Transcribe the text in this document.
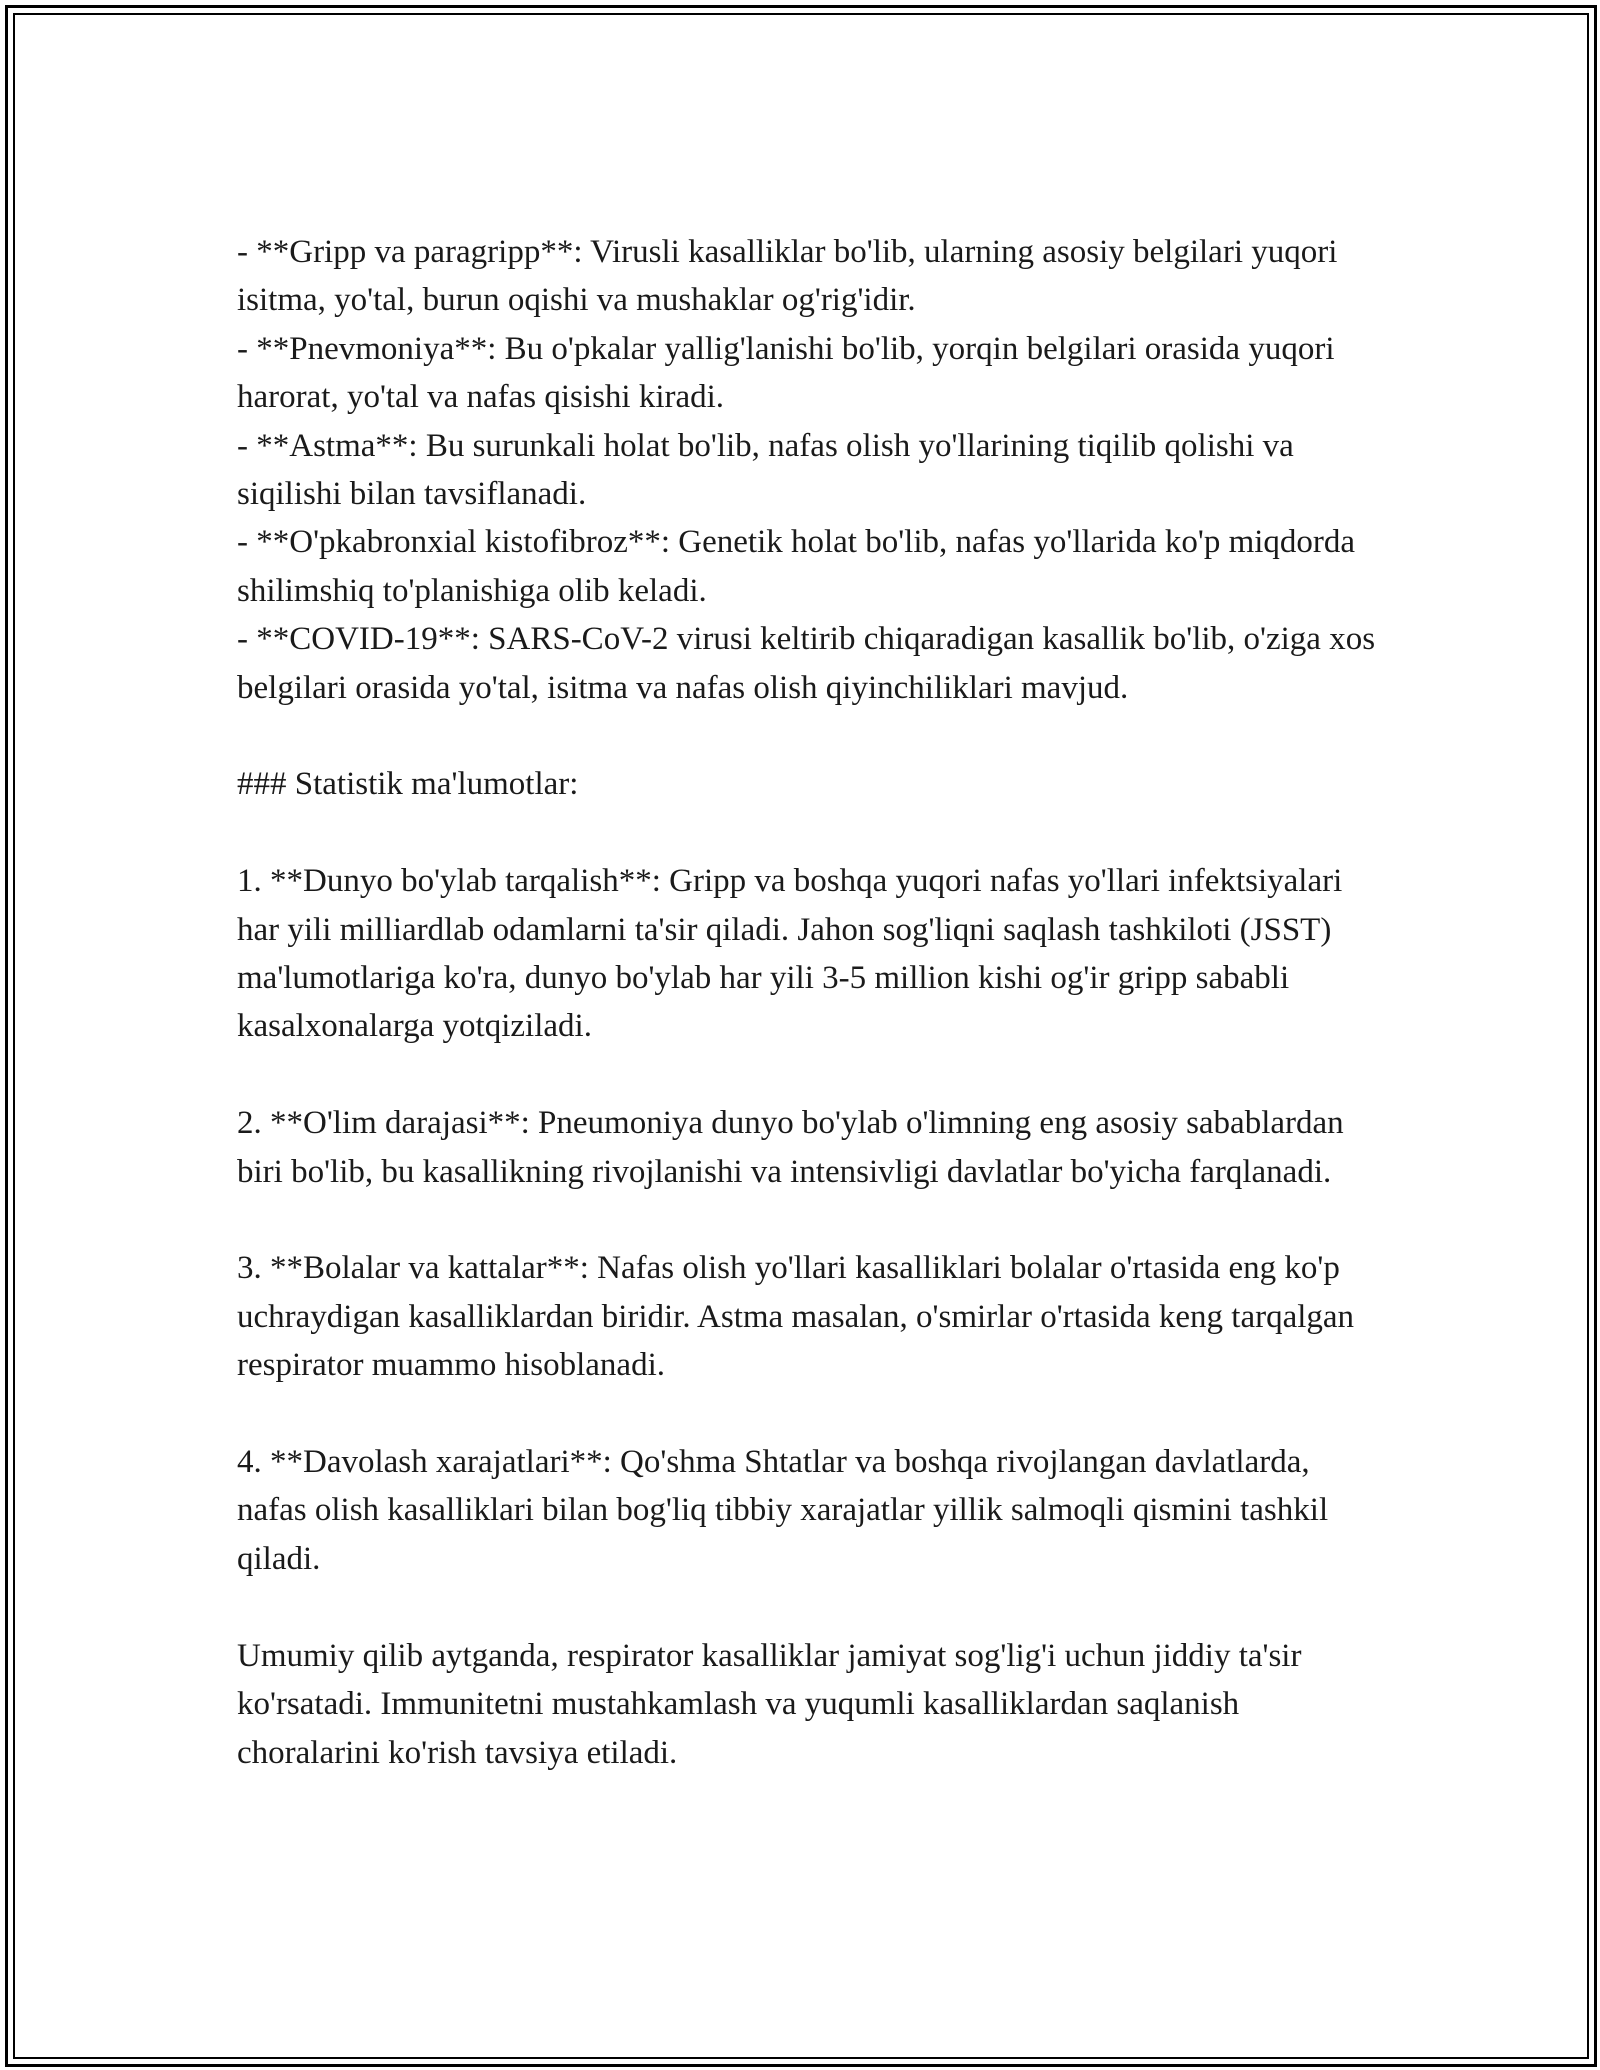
- **Gripp va paragripp**: Virusli kasalliklar bo'lib, ularning asosiy belgilari yuqori isitma, yo'tal, burun oqishi va mushaklar og'rig'idir.

- **Pnevmoniya**: Bu o'pkalar yallig'lanishi bo'lib, yorqin belgilari orasida yuqori harorat, yo'tal va nafas qisishi kiradi.

- **Astma**: Bu surunkali holat bo'lib, nafas olish yo'llarining tiqilib qolishi va siqilishi bilan tavsiflanadi.

- **O'pkabronxial kistofibroz**: Genetik holat bo'lib, nafas yo'llarida ko'p miqdorda shilimshiq to'planishiga olib keladi.

- **COVID-19**: SARS-CoV-2 virusi keltirib chiqaradigan kasallik bo'lib, o'ziga xos belgilari orasida yo'tal, isitma va nafas olish qiyinchiliklari mavjud.

### Statistik ma'lumotlar:

1. **Dunyo bo'ylab tarqalish**: Gripp va boshqa yuqori nafas yo'llari infektsiyalari har yili milliardlab odamlarni ta'sir qiladi. Jahon sog'liqni saqlash tashkiloti (JSST) ma'lumotlariga ko'ra, dunyo bo'ylab har yili 3-5 million kishi og'ir gripp sababli kasalxonalarga yotqiziladi.

2. **O'lim darajasi**: Pneumoniya dunyo bo'ylab o'limning eng asosiy sabablardan biri bo'lib, bu kasallikning rivojlanishi va intensivligi davlatlar bo'yicha farqlanadi.

3. **Bolalar va kattalar**: Nafas olish yo'llari kasalliklari bolalar o'rtasida eng ko'p uchraydigan kasalliklardan biridir. Astma masalan, o'smirlar o'rtasida keng tarqalgan respirator muammo hisoblanadi.

4. **Davolash xarajatlari**: Qo'shma Shtatlar va boshqa rivojlangan davlatlarda, nafas olish kasalliklari bilan bog'liq tibbiy xarajatlar yillik salmoqli qismini tashkil qiladi.

Umumiy qilib aytganda, respirator kasalliklar jamiyat sog'lig'i uchun jiddiy ta'sir ko'rsatadi. Immunitetni mustahkamlash va yuqumli kasalliklardan saqlanish choralarini ko'rish tavsiya etiladi.
